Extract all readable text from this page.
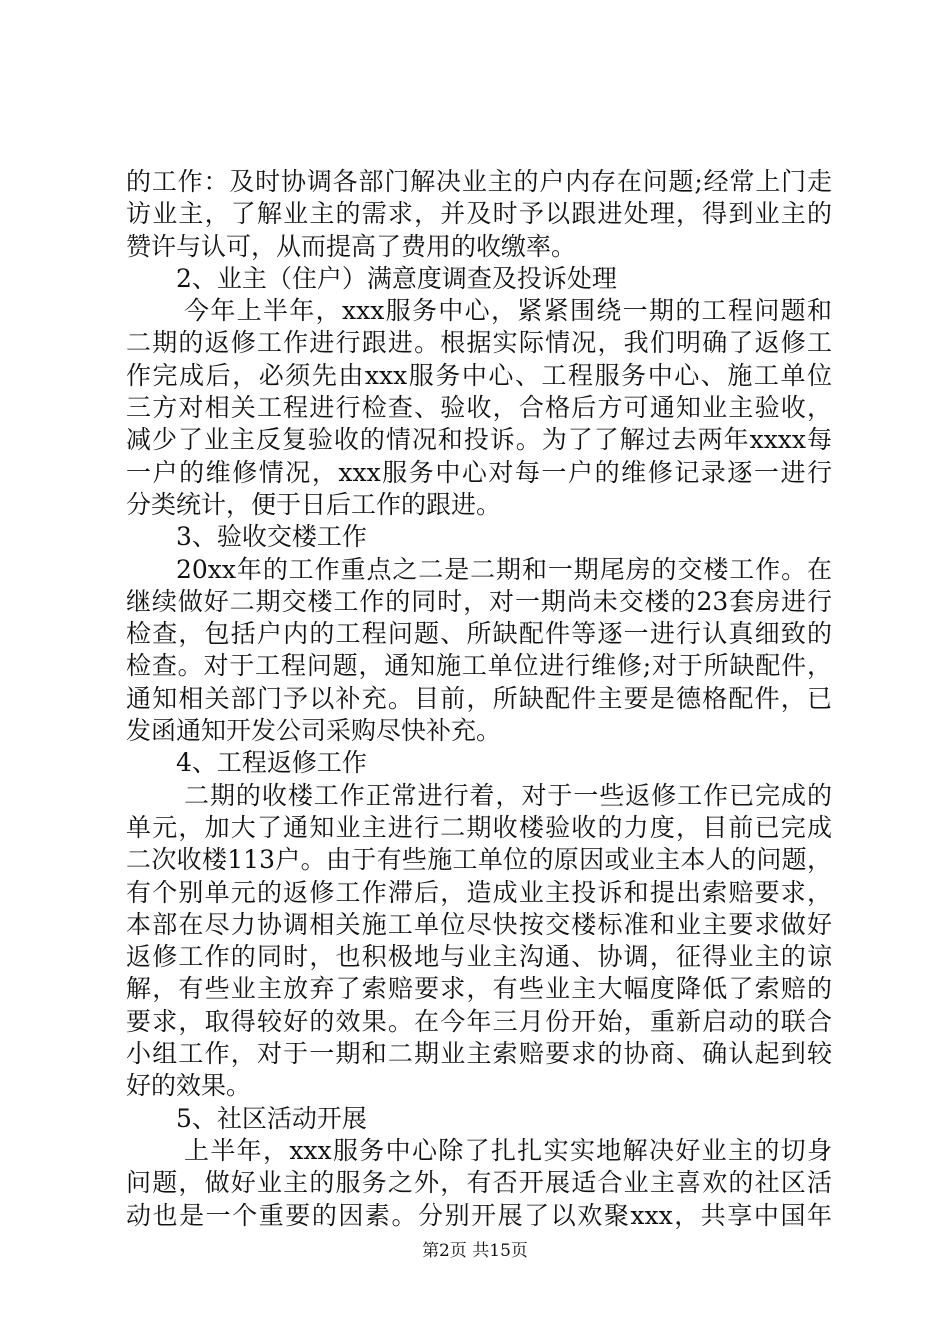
的工作：及时协调各部门解决业主的户内存在问题;经常上门走
访业主，了解业主的需求，并及时予以跟进处理，得到业主的
赞许与认可，从而提高了费用的收缴率。
2、业主（住户）满意度调查及投诉处理
今年上半年，xxx服务中心，紧紧围绕一期的工程问题和
二期的返修工作进行跟进。根据实际情况，我们明确了返修工
作完成后，必须先由xxx服务中心、工程服务中心、施工单位
三方对相关工程进行检查、验收，合格后方可通知业主验收，
减少了业主反复验收的情况和投诉。为了了解过去两年xxxx每
一户的维修情况，xxx服务中心对每一户的维修记录逐一进行
分类统计，便于日后工作的跟进。
3、验收交楼工作
20xx年的工作重点之二是二期和一期尾房的交楼工作。在
继续做好二期交楼工作的同时，对一期尚未交楼的23套房进行
检查，包括户内的工程问题、所缺配件等逐一进行认真细致的
检查。对于工程问题，通知施工单位进行维修;对于所缺配件，
通知相关部门予以补充。目前，所缺配件主要是德格配件，已
发函通知开发公司采购尽快补充。
4、工程返修工作
二期的收楼工作正常进行着，对于一些返修工作已完成的
单元，加大了通知业主进行二期收楼验收的力度，目前已完成
二次收楼113户。由于有些施工单位的原因或业主本人的问题，
有个别单元的返修工作滞后，造成业主投诉和提出索赔要求，
本部在尽力协调相关施工单位尽快按交楼标准和业主要求做好
返修工作的同时，也积极地与业主沟通、协调，征得业主的谅
解，有些业主放弃了索赔要求，有些业主大幅度降低了索赔的
要求，取得较好的效果。在今年三月份开始，重新启动的联合
小组工作，对于一期和二期业主索赔要求的协商、确认起到较
好的效果。
5、社区活动开展
上半年，xxx服务中心除了扎扎实实地解决好业主的切身
问题，做好业主的服务之外，有否开展适合业主喜欢的社区活
动也是一个重要的因素。分别开展了以欢聚xxx，共享中国年
第2页 共15页
